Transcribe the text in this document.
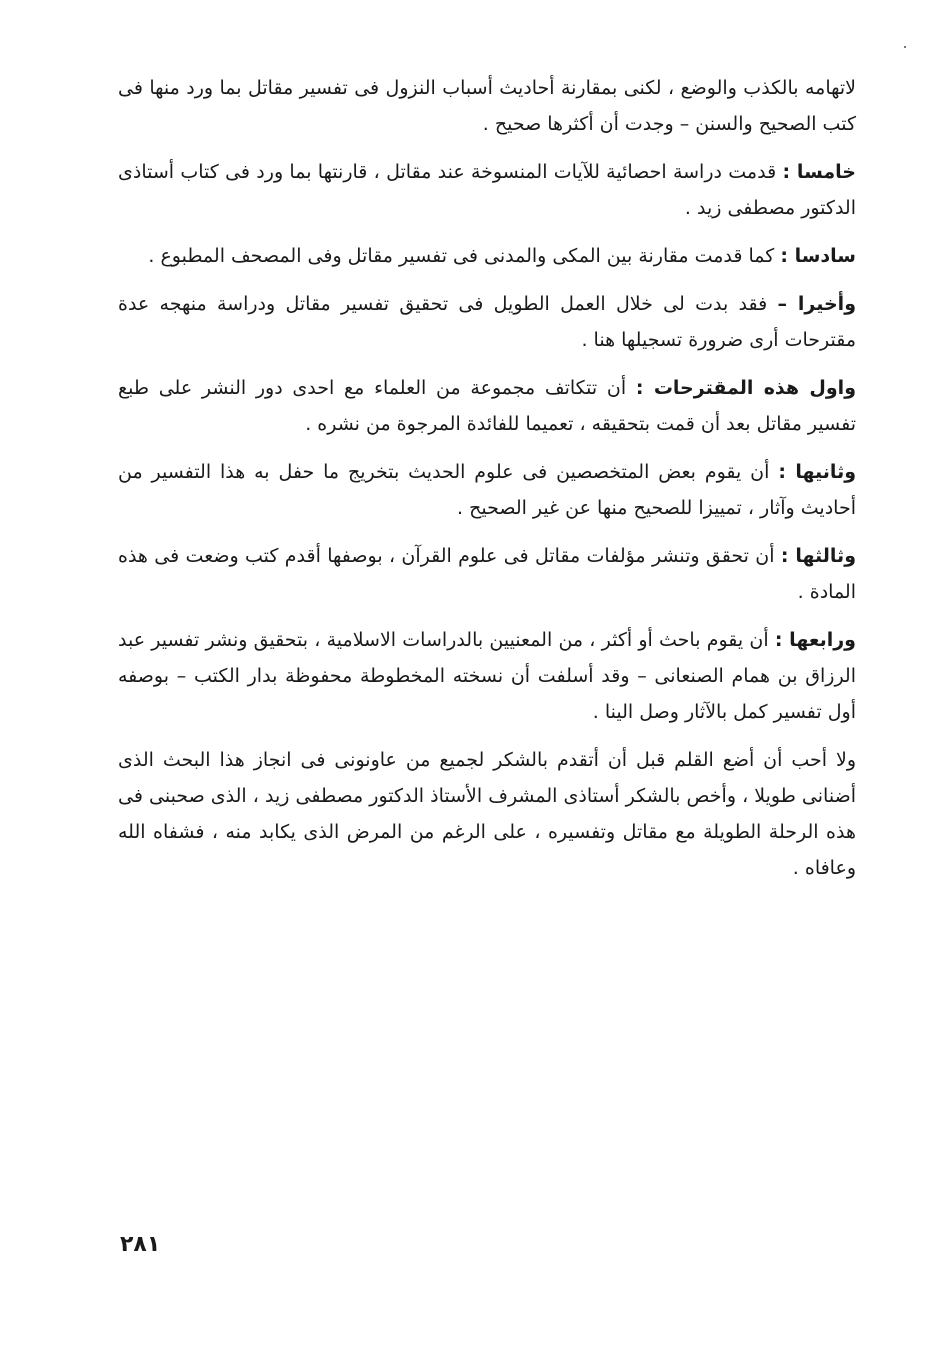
لاتهامه بالكذب والوضع ، لكنى بمقارنة أحاديث أسباب النزول فى تفسير مقاتل بما ورد منها فى كتب الصحيح والسنن – وجدت أن أكثرها صحيح .

خامسا : قدمت دراسة احصائية للآيات المنسوخة عند مقاتل ، قارنتها بما ورد فى كتاب أستاذى الدكتور مصطفى زيد .

سادسا : كما قدمت مقارنة بين المكى والمدنى فى تفسير مقاتل وفى المصحف المطبوع .

وأخيرا – فقد بدت لى خلال العمل الطويل فى تحقيق تفسير مقاتل ودراسة منهجه عدة مقترحات أرى ضرورة تسجيلها هنا .

واول هذه المقترحات : أن تتكاتف مجموعة من العلماء مع احدى دور النشر على طبع تفسير مقاتل بعد أن قمت بتحقيقه ، تعميما للفائدة المرجوة من نشره .

وثانيها : أن يقوم بعض المتخصصين فى علوم الحديث بتخريج ما حفل به هذا التفسير من أحاديث وآثار ، تمييزا للصحيح منها عن غير الصحيح .

وثالثها : أن تحقق وتنشر مؤلفات مقاتل فى علوم القرآن ، بوصفها أقدم كتب وضعت فى هذه المادة .

ورابعها : أن يقوم باحث أو أكثر ، من المعنيين بالدراسات الاسلامية ، بتحقيق ونشر تفسير عبد الرزاق بن همام الصنعانى – وقد أسلفت أن نسخته المخطوطة محفوظة بدار الكتب – بوصفه أول تفسير كمل بالآثار وصل الينا .

ولا أحب أن أضع القلم قبل أن أتقدم بالشكر لجميع من عاونونى فى انجاز هذا البحث الذى أضنانى طويلا ، وأخص بالشكر أستاذى المشرف الأستاذ الدكتور مصطفى زيد ، الذى صحبنى فى هذه الرحلة الطويلة مع مقاتل وتفسيره ، على الرغم من المرض الذى يكابد منه ، فشفاه الله وعافاه .

٢٨١
